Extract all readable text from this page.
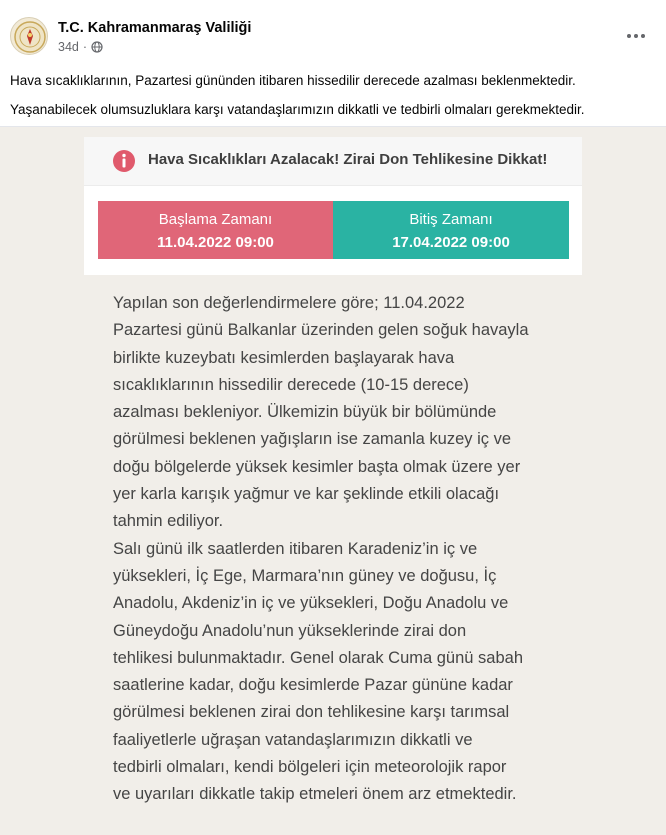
T.C. Kahramanmaraş Valiliği
34d ·

Hava sıcaklıklarının, Pazartesi gününden itibaren hissedilir derecede azalması beklenmektedir.

Yaşanabilecek olumsuzluklara karşı vatandaşlarımızın dikkatli ve tedbirli olmaları gerekmektedir.

Hava Sıcaklıkları Azalacak! Zirai Don Tehlikesine Dikkat!
Başlama Zamanı
11.04.2022 09:00
Bitiş Zamanı
17.04.2022 09:00

Yapılan son değerlendirmelere göre; 11.04.2022

Pazartesi günü Balkanlar üzerinden gelen soğuk havayla

birlikte kuzeybatı kesimlerden başlayarak hava

sıcaklıklarının hissedilir derecede (10-15 derece)

azalması bekleniyor. Ülkemizin büyük bir bölümünde

görülmesi beklenen yağışların ise zamanla kuzey iç ve

doğu bölgelerde yüksek kesimler başta olmak üzere yer

yer karla karışık yağmur ve kar şeklinde etkili olacağı

tahmin ediliyor.

Salı günü ilk saatlerden itibaren Karadeniz’in iç ve

yüksekleri, İç Ege, Marmara’nın güney ve doğusu, İç

Anadolu, Akdeniz’in iç ve yüksekleri, Doğu Anadolu ve

Güneydoğu Anadolu’nun yükseklerinde zirai don

tehlikesi bulunmaktadır. Genel olarak Cuma günü sabah

saatlerine kadar, doğu kesimlerde Pazar gününe kadar

görülmesi beklenen zirai don tehlikesine karşı tarımsal

faaliyetlerle uğraşan vatandaşlarımızın dikkatli ve

tedbirli olmaları, kendi bölgeleri için meteorolojik rapor

ve uyarıları dikkatle takip etmeleri önem arz etmektedir.
